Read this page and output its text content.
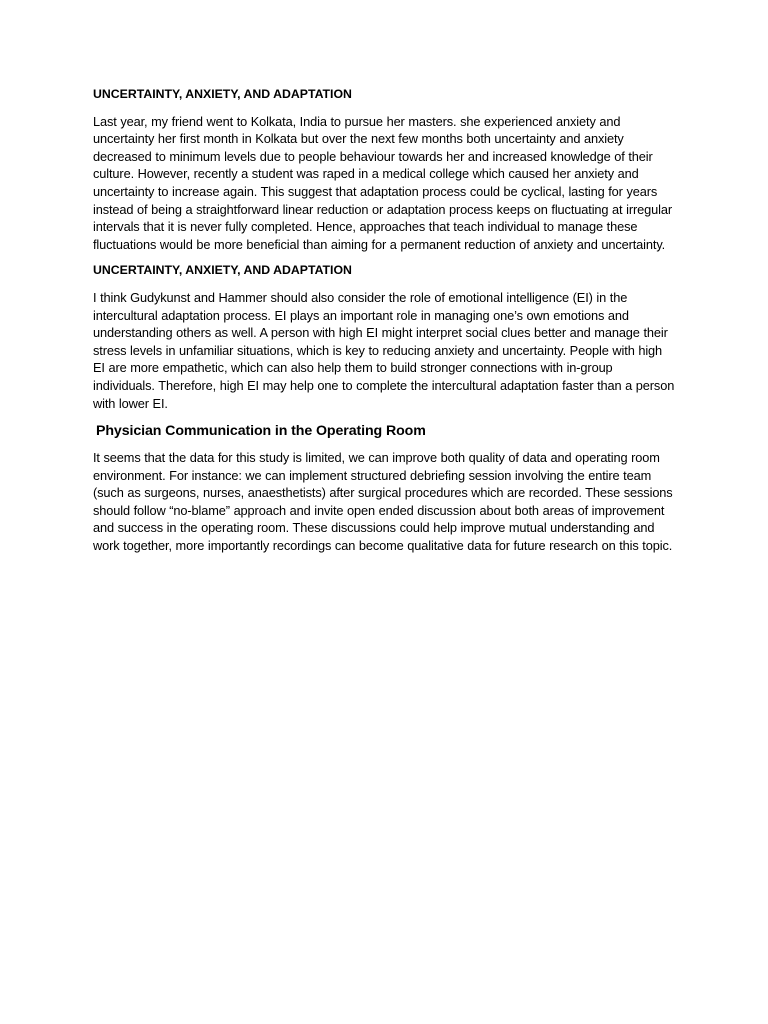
UNCERTAINTY, ANXIETY, AND ADAPTATION

Last year, my friend went to Kolkata, India to pursue her masters. she experienced anxiety and uncertainty her first month in Kolkata but over the next few months both uncertainty and anxiety decreased to minimum levels due to people behaviour towards her and increased knowledge of their culture. However, recently a student was raped in a medical college which caused her anxiety and uncertainty to increase again. This suggest that adaptation process could be cyclical, lasting for years instead of being a straightforward linear reduction or adaptation process keeps on fluctuating at irregular intervals that it is never fully completed. Hence, approaches that teach individual to manage these fluctuations would be more beneficial than aiming for a permanent reduction of anxiety and uncertainty.

UNCERTAINTY, ANXIETY, AND ADAPTATION

I think Gudykunst and Hammer should also consider the role of emotional intelligence (EI) in the intercultural adaptation process. EI plays an important role in managing one’s own emotions and understanding others as well. A person with high EI might interpret social clues better and manage their stress levels in unfamiliar situations, which is key to reducing anxiety and uncertainty. People with high EI are more empathetic, which can also help them to build stronger connections with in-group individuals. Therefore, high EI may help one to complete the intercultural adaptation faster than a person with lower EI.

Physician Communication in the Operating Room

It seems that the data for this study is limited, we can improve both quality of data and operating room environment. For instance: we can implement structured debriefing session involving the entire team (such as surgeons, nurses, anaesthetists) after surgical procedures which are recorded. These sessions should follow “no-blame” approach and invite open ended discussion about both areas of improvement and success in the operating room. These discussions could help improve mutual understanding and work together, more importantly recordings can become qualitative data for future research on this topic.
